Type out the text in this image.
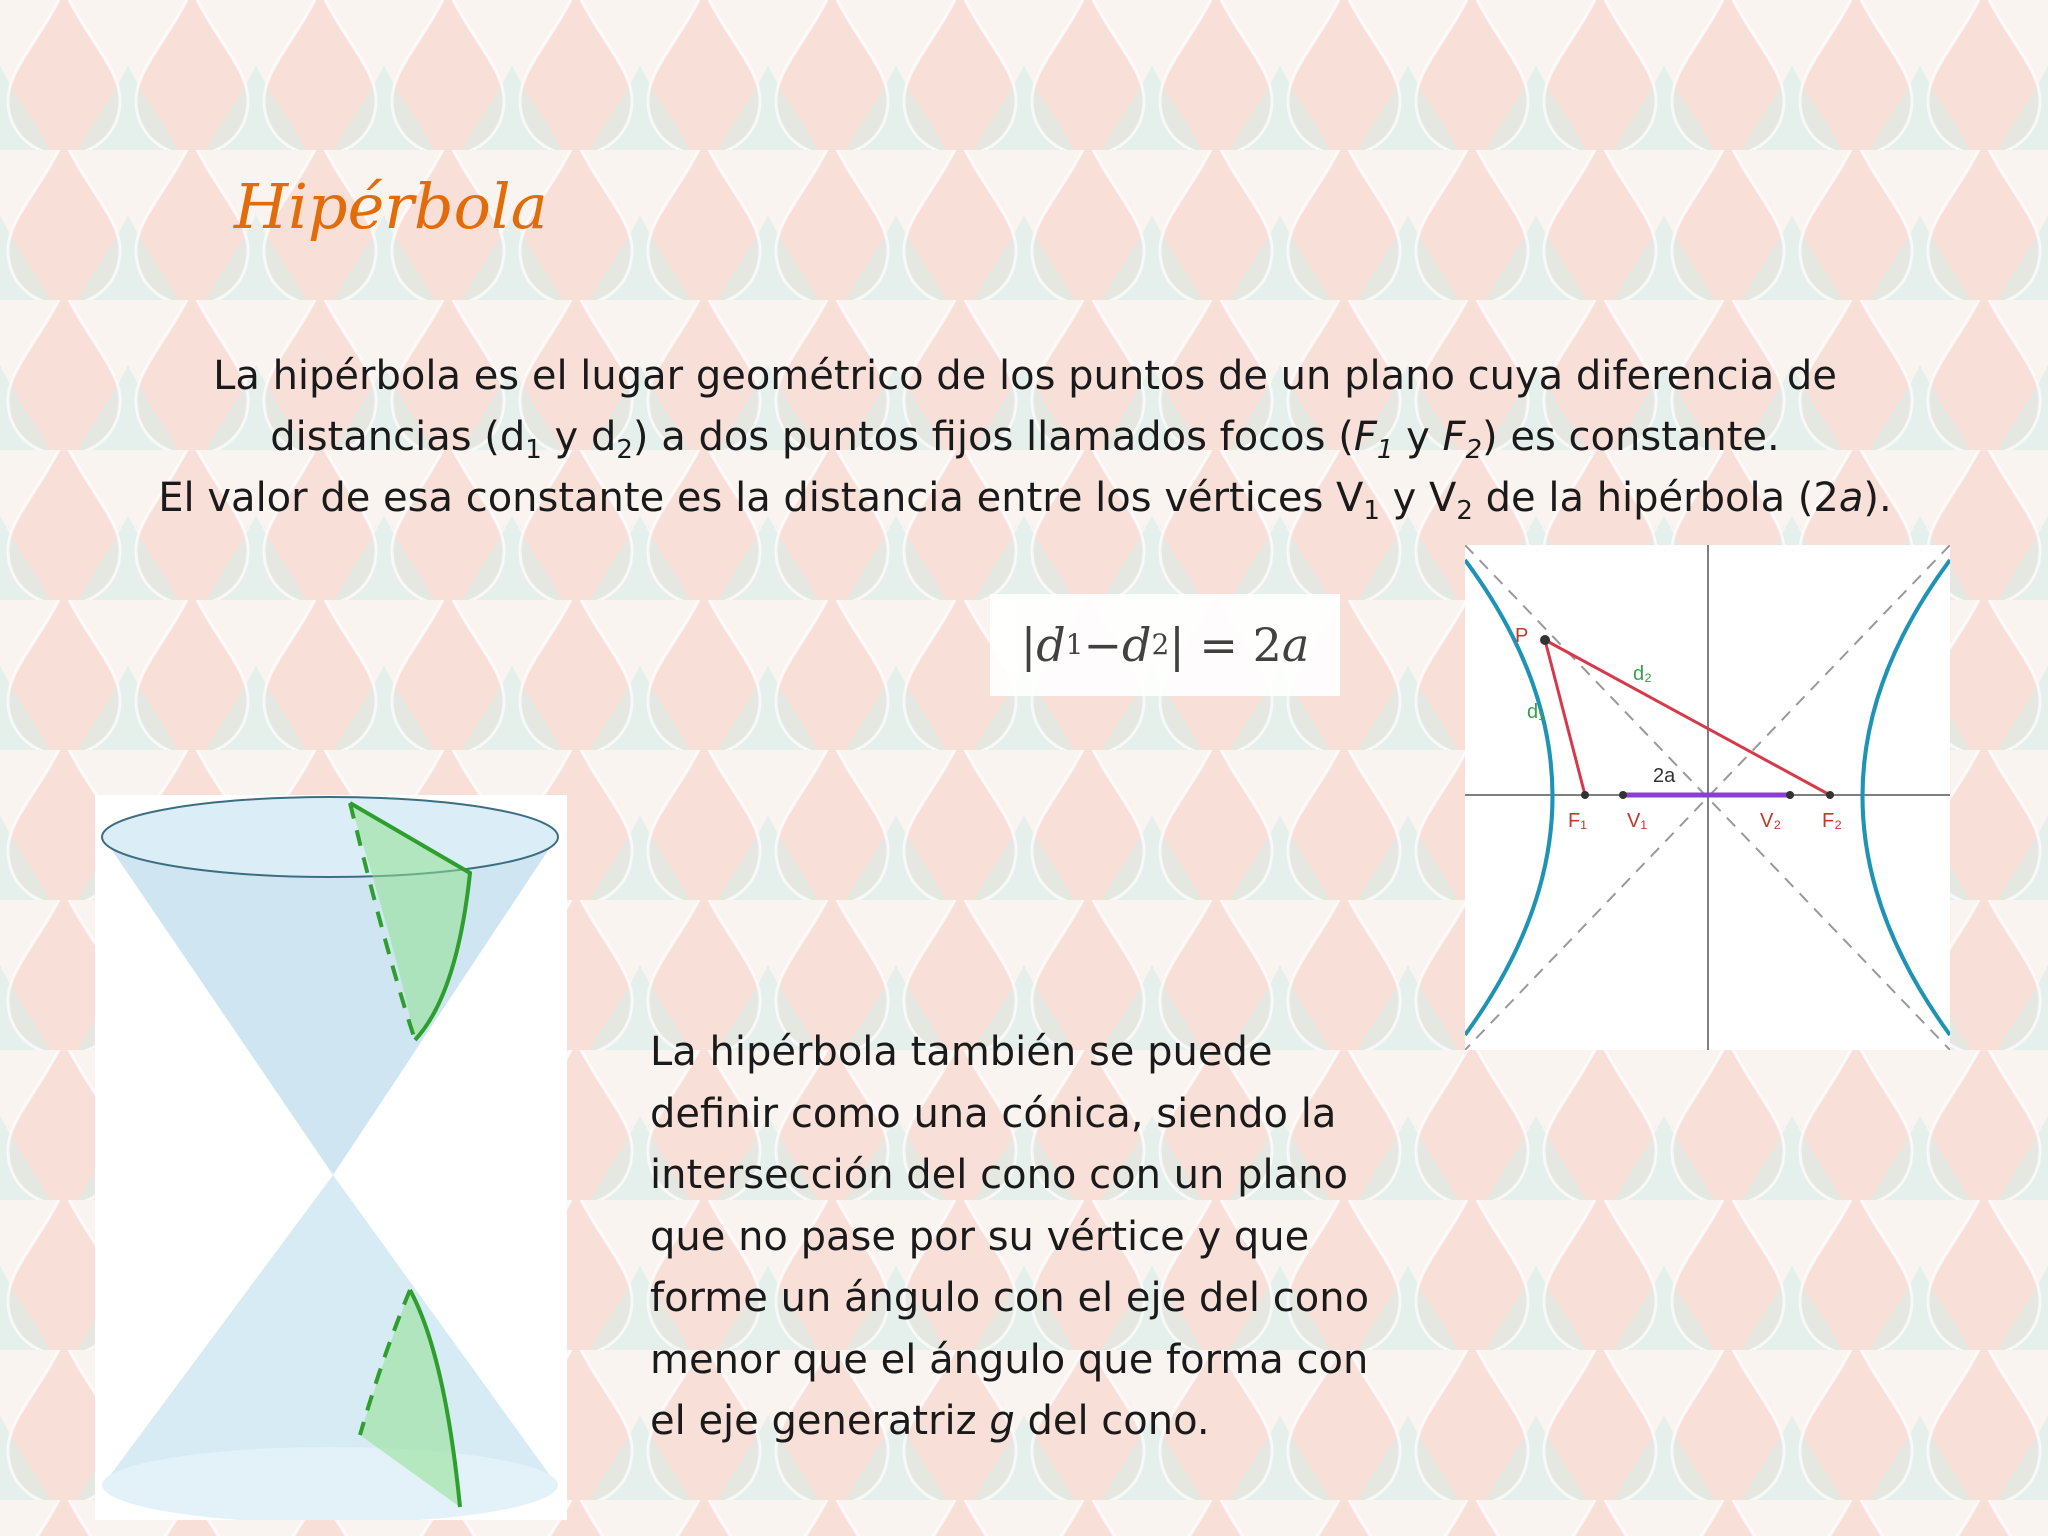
Hipérbola
La hipérbola es el lugar geométrico de los puntos de un plano cuya diferencia de
distancias ($d_1$ y $d_2$) a dos puntos fijos llamados focos ($F_1$ y $F_2$) es constante.
El valor de esa constante es la distancia entre los vértices $V_1$ y $V_2$ de la hipérbola (2a).
| d 1 − d 2 | = 2 a	P
d₁
d₂
2a
F₁ V₁	V₂ F₂

La hipérbola también se puede

definir como una cónica, siendo la

intersección del cono con un plano

que no pase por su vértice y que

forme un ángulo con el eje del cono

menor que el ángulo que forma con

el eje generatriz g del cono.
